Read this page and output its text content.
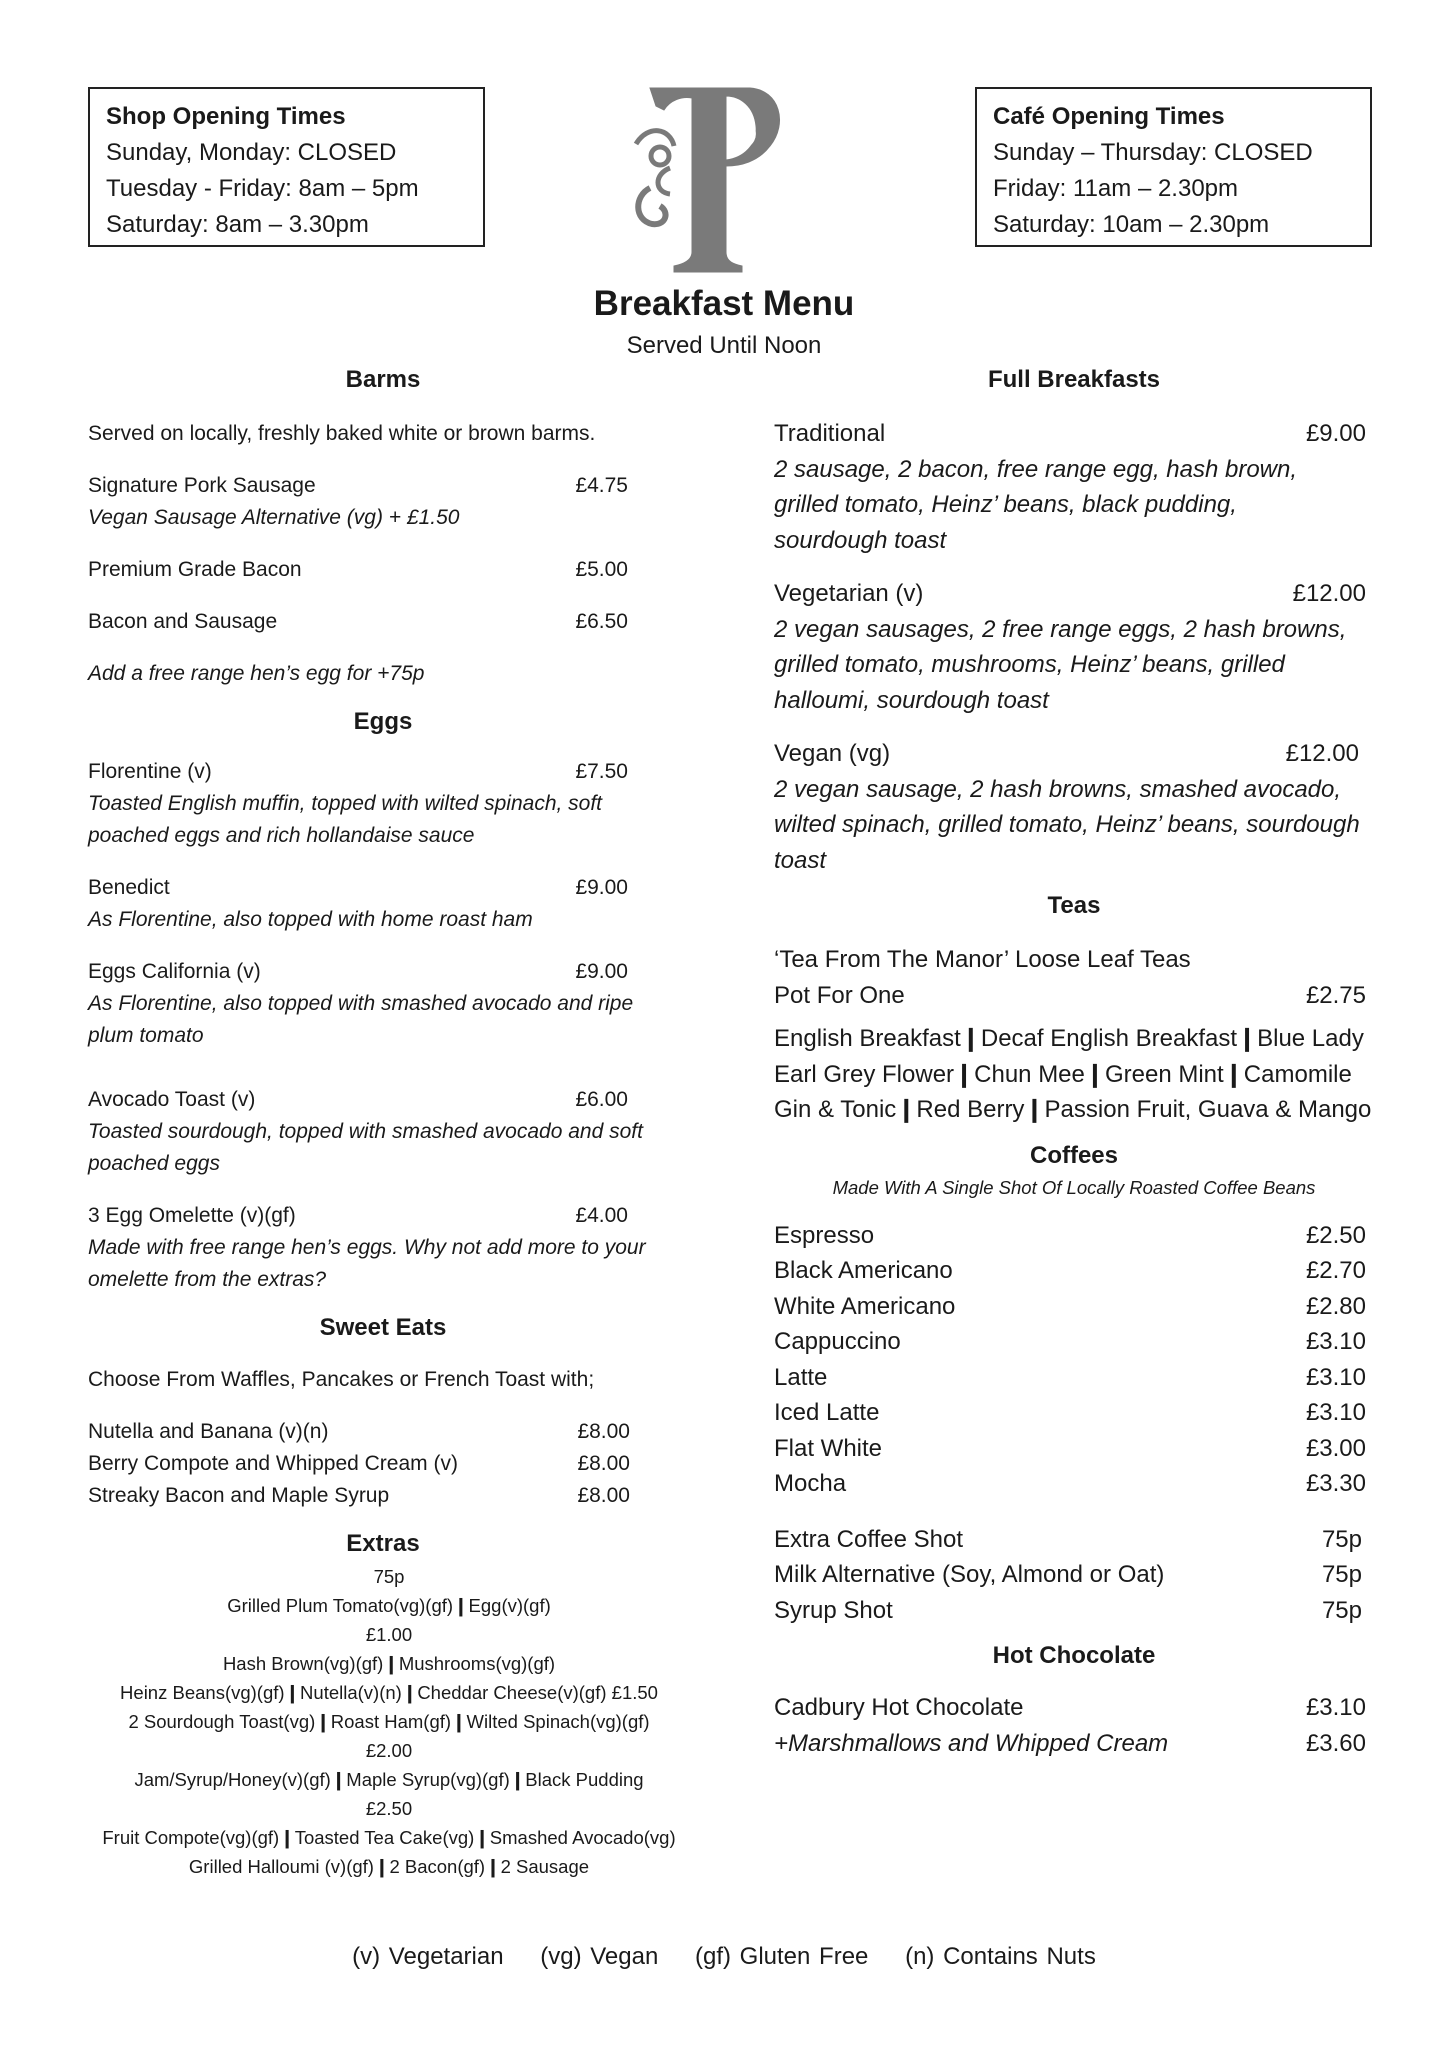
Shop Opening Times
Sunday, Monday: CLOSED
Tuesday - Friday: 8am – 5pm
Saturday: 8am – 3.30pm
Café Opening Times
Sunday – Thursday: CLOSED
Friday: 11am – 2.30pm
Saturday: 10am – 2.30pm
Breakfast Menu
Served Until Noon
Barms
Served on locally, freshly baked white or brown barms.
Signature Pork Sausage	£4.75
Vegan Sausage Alternative (vg) + £1.50
Premium Grade Bacon	£5.00
Bacon and Sausage	£6.50
Add a free range hen’s egg for +75p
Eggs
Florentine (v)	£7.50
Toasted English muffin, topped with wilted spinach, soft poached eggs and rich hollandaise sauce
Benedict	£9.00
As Florentine, also topped with home roast ham
Eggs California (v)	£9.00
As Florentine, also topped with smashed avocado and ripe plum tomato
Avocado Toast (v)	£6.00
Toasted sourdough, topped with smashed avocado and soft poached eggs
3 Egg Omelette (v)(gf)	£4.00
Made with free range hen’s eggs. Why not add more to your omelette from the extras?
Sweet Eats
Choose From Waffles, Pancakes or French Toast with;
Nutella and Banana (v)(n)	£8.00
Berry Compote and Whipped Cream (v)	£8.00
Streaky Bacon and Maple Syrup	£8.00
Extras
75p
Grilled Plum Tomato(vg)(gf)❙Egg(v)(gf)
£1.00
Hash Brown(vg)(gf)❙Mushrooms(vg)(gf)
Heinz Beans(vg)(gf)❙Nutella(v)(n)❙Cheddar Cheese(v)(gf) £1.50
2 Sourdough Toast(vg)❙Roast Ham(gf)❙Wilted Spinach(vg)(gf)
£2.00
Jam/Syrup/Honey(v)(gf)❙Maple Syrup(vg)(gf)❙Black Pudding
£2.50
Fruit Compote(vg)(gf)❙Toasted Tea Cake(vg)❙Smashed Avocado(vg)
Grilled Halloumi (v)(gf)❙2 Bacon(gf)❙2 Sausage
Full Breakfasts
Traditional	£9.00
2 sausage, 2 bacon, free range egg, hash brown, grilled tomato, Heinz’ beans, black pudding, sourdough toast
Vegetarian (v)	£12.00
2 vegan sausages, 2 free range eggs, 2 hash browns, grilled tomato, mushrooms, Heinz’ beans, grilled halloumi, sourdough toast
Vegan (vg)	£12.00
2 vegan sausage, 2 hash browns, smashed avocado, wilted spinach, grilled tomato, Heinz’ beans, sourdough toast
Teas
‘Tea From The Manor’ Loose Leaf Teas
Pot For One	£2.75
English Breakfast❙Decaf English Breakfast❙Blue Lady
Earl Grey Flower❙Chun Mee❙Green Mint❙Camomile
Gin & Tonic❙Red Berry❙Passion Fruit, Guava & Mango
Coffees
Made With A Single Shot Of Locally Roasted Coffee Beans
Espresso	£2.50
Black Americano	£2.70
White Americano	£2.80
Cappuccino	£3.10
Latte	£3.10
Iced Latte	£3.10
Flat White	£3.00
Mocha	£3.30
Extra Coffee Shot	75p
Milk Alternative (Soy, Almond or Oat)	75p
Syrup Shot	75p
Hot Chocolate
Cadbury Hot Chocolate	£3.10
+Marshmallows and Whipped Cream	£3.60
(v) Vegetarian (vg) Vegan (gf) Gluten Free (n) Contains Nuts
